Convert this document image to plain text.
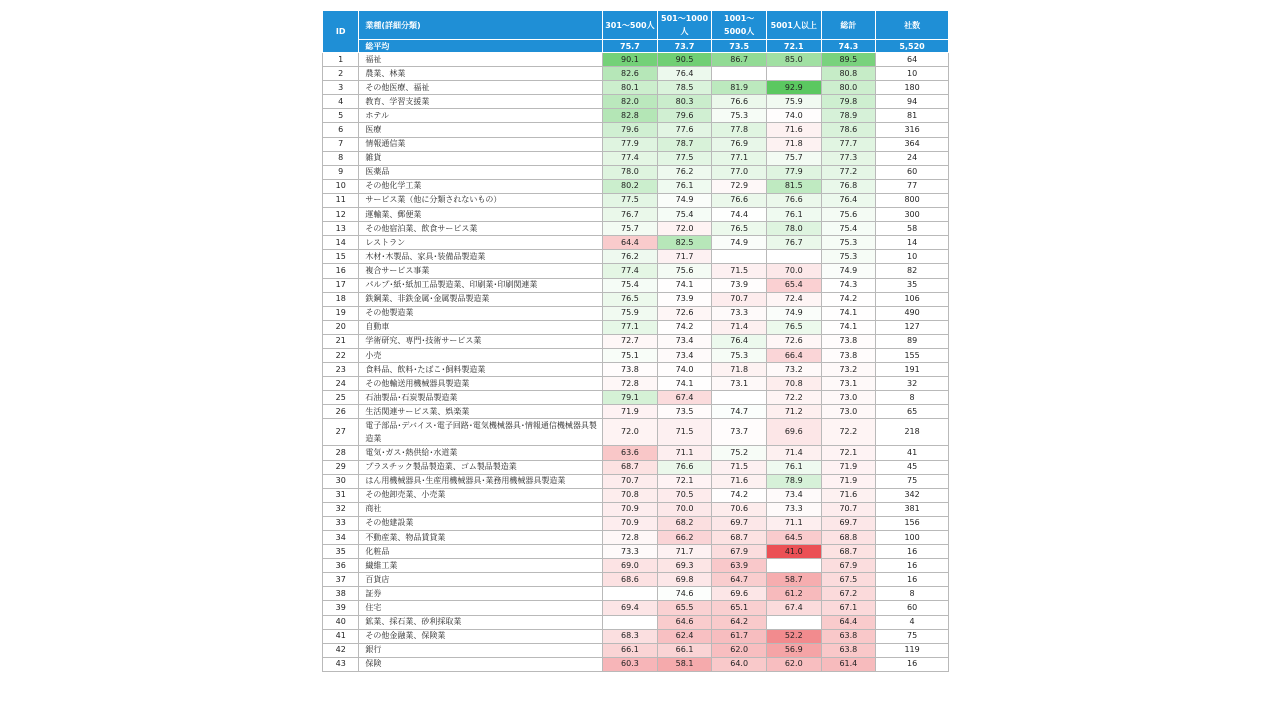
ID	業種(詳細分類)	301～500人	501～1000人	1001～5000人	5001人以上	総計	社数
	総平均	75.7	73.7	73.5	72.1	74.3	5,520
1	福祉	90.1	90.5	86.7	85.0	89.5	64
2	農業、林業	82.6	76.4			80.8	10
3	その他医療、福祉	80.1	78.5	81.9	92.9	80.0	180
4	教育、学習支援業	82.0	80.3	76.6	75.9	79.8	94
5	ホテル	82.8	79.6	75.3	74.0	78.9	81
6	医療	79.6	77.6	77.8	71.6	78.6	316
7	情報通信業	77.9	78.7	76.9	71.8	77.7	364
8	雑貨	77.4	77.5	77.1	75.7	77.3	24
9	医薬品	78.0	76.2	77.0	77.9	77.2	60
10	その他化学工業	80.2	76.1	72.9	81.5	76.8	77
11	サービス業（他に分類されないもの）	77.5	74.9	76.6	76.6	76.4	800
12	運輸業、郵便業	76.7	75.4	74.4	76.1	75.6	300
13	その他宿泊業、飲食サービス業	75.7	72.0	76.5	78.0	75.4	58
14	レストラン	64.4	82.5	74.9	76.7	75.3	14
15	木材･木製品、家具･装備品製造業	76.2	71.7			75.3	10
16	複合サービス事業	77.4	75.6	71.5	70.0	74.9	82
17	パルプ･紙･紙加工品製造業、印刷業･印刷関連業	75.4	74.1	73.9	65.4	74.3	35
18	鉄鋼業、非鉄金属･金属製品製造業	76.5	73.9	70.7	72.4	74.2	106
19	その他製造業	75.9	72.6	73.3	74.9	74.1	490
20	自動車	77.1	74.2	71.4	76.5	74.1	127
21	学術研究、専門･技術サービス業	72.7	73.4	76.4	72.6	73.8	89
22	小売	75.1	73.4	75.3	66.4	73.8	155
23	食料品、飲料･たばこ･飼料製造業	73.8	74.0	71.8	73.2	73.2	191
24	その他輸送用機械器具製造業	72.8	74.1	73.1	70.8	73.1	32
25	石油製品･石炭製品製造業	79.1	67.4		72.2	73.0	8
26	生活関連サービス業、娯楽業	71.9	73.5	74.7	71.2	73.0	65
27	電子部品･デバイス･電子回路･電気機械器具･情報通信機械器具製造業	72.0	71.5	73.7	69.6	72.2	218
28	電気･ガス･熱供給･水道業	63.6	71.1	75.2	71.4	72.1	41
29	プラスチック製品製造業、ゴム製品製造業	68.7	76.6	71.5	76.1	71.9	45
30	はん用機械器具･生産用機械器具･業務用機械器具製造業	70.7	72.1	71.6	78.9	71.9	75
31	その他卸売業、小売業	70.8	70.5	74.2	73.4	71.6	342
32	商社	70.9	70.0	70.6	73.3	70.7	381
33	その他建設業	70.9	68.2	69.7	71.1	69.7	156
34	不動産業、物品賃貸業	72.8	66.2	68.7	64.5	68.8	100
35	化粧品	73.3	71.7	67.9	41.0	68.7	16
36	繊維工業	69.0	69.3	63.9		67.9	16
37	百貨店	68.6	69.8	64.7	58.7	67.5	16
38	証券		74.6	69.6	61.2	67.2	8
39	住宅	69.4	65.5	65.1	67.4	67.1	60
40	鉱業、採石業、砂利採取業		64.6	64.2		64.4	4
41	その他金融業、保険業	68.3	62.4	61.7	52.2	63.8	75
42	銀行	66.1	66.1	62.0	56.9	63.8	119
43	保険	60.3	58.1	64.0	62.0	61.4	16
